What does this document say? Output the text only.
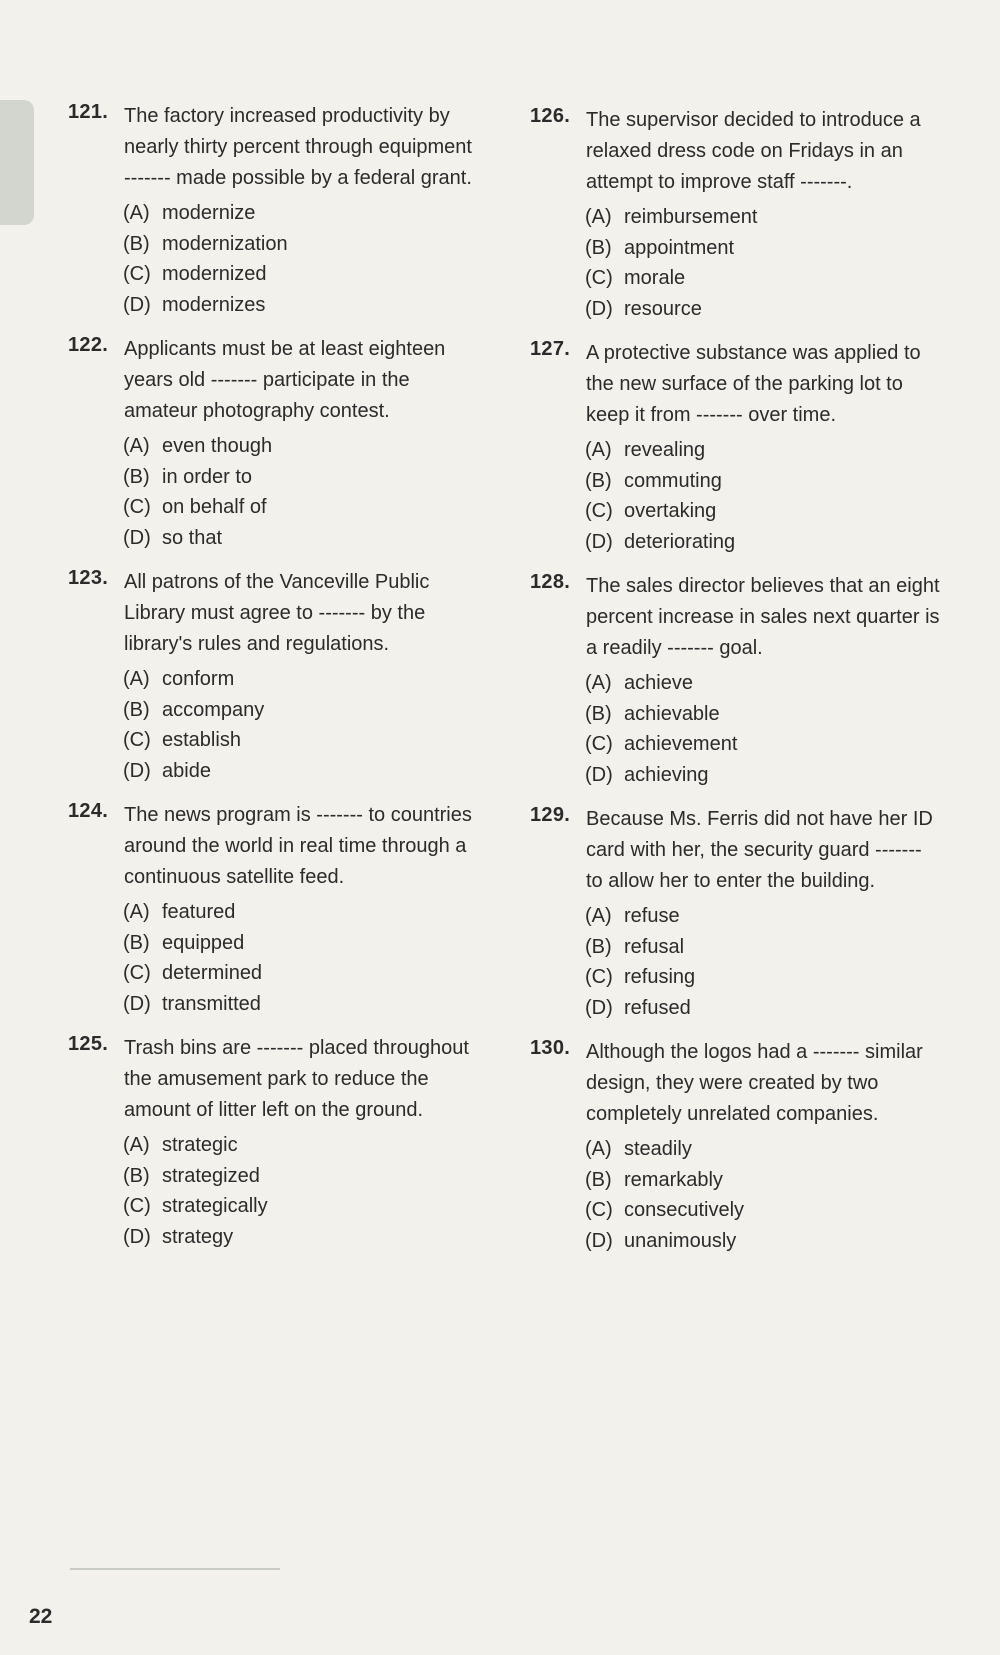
121. The factory increased productivity by
nearly thirty percent through equipment
------- made possible by a federal grant.
(A) modernize
(B) modernization
(C) modernized
(D) modernizes
122. Applicants must be at least eighteen
years old ------- participate in the
amateur photography contest.
(A) even though
(B) in order to
(C) on behalf of
(D) so that
123. All patrons of the Vanceville Public
Library must agree to ------- by the
library's rules and regulations.
(A) conform
(B) accompany
(C) establish
(D) abide
124. The news program is ------- to countries
around the world in real time through a
continuous satellite feed.
(A) featured
(B) equipped
(C) determined
(D) transmitted
125. Trash bins are ------- placed throughout
the amusement park to reduce the
amount of litter left on the ground.
(A) strategic
(B) strategized
(C) strategically
(D) strategy
126. The supervisor decided to introduce a
relaxed dress code on Fridays in an
attempt to improve staff -------.
(A) reimbursement
(B) appointment
(C) morale
(D) resource
127. A protective substance was applied to
the new surface of the parking lot to
keep it from ------- over time.
(A) revealing
(B) commuting
(C) overtaking
(D) deteriorating
128. The sales director believes that an eight
percent increase in sales next quarter is
a readily ------- goal.
(A) achieve
(B) achievable
(C) achievement
(D) achieving
129. Because Ms. Ferris did not have her ID
card with her, the security guard -------
to allow her to enter the building.
(A) refuse
(B) refusal
(C) refusing
(D) refused
130. Although the logos had a ------- similar
design, they were created by two
completely unrelated companies.
(A) steadily
(B) remarkably
(C) consecutively
(D) unanimously
22
